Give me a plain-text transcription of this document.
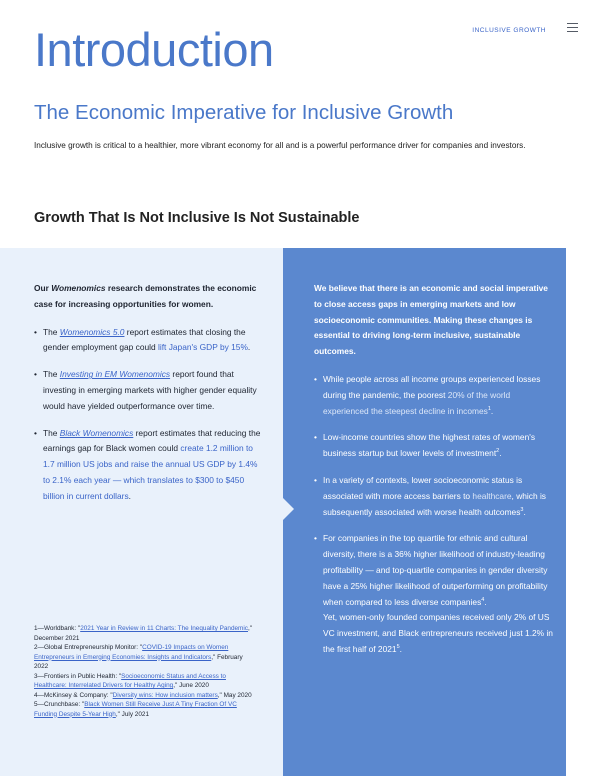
INCLUSIVE GROWTH
Introduction
The Economic Imperative for Inclusive Growth

Inclusive growth is critical to a healthier, more vibrant economy for all and is a powerful performance driver for companies and investors.

Growth That Is Not Inclusive Is Not Sustainable

Our Womenomics research demonstrates the economic case for increasing opportunities for women.

• The Womenomics 5.0 report estimates that closing the gender employment gap could lift Japan's GDP by 15%.
• The Investing in EM Womenomics report found that investing in emerging markets with higher gender equality would have yielded outperformance over time.
• The Black Womenomics report estimates that reducing the earnings gap for Black women could create 1.2 million to 1.7 million US jobs and raise the annual US GDP by 1.4% to 2.1% each year — which translates to $300 to $450 billion in current dollars.

We believe that there is an economic and social imperative to close access gaps in emerging markets and low socioeconomic communities. Making these changes is essential to driving long-term inclusive, sustainable outcomes.

• While people across all income groups experienced losses during the pandemic, the poorest 20% of the world experienced the steepest decline in incomes$^1$.
• Low-income countries show the highest rates of women's business startup but lower levels of investment$^2$.
• In a variety of contexts, lower socioeconomic status is associated with more access barriers to healthcare, which is subsequently associated with worse health outcomes$^3$.
• For companies in the top quartile for ethnic and cultural diversity, there is a 36% higher likelihood of industry-leading profitability — and top-quartile companies in gender diversity have a 25% higher likelihood of outperforming on profitability when compared to less diverse companies$^4$.
Yet, women-only founded companies received only 2% of US VC investment, and Black entrepreneurs received just 1.2% in the first half of 2021$^5$.

1—Worldbank: "2021 Year in Review in 11 Charts: The Inequality Pandemic," December 2021

2—Global Entrepreneurship Monitor: "COVID-19 Impacts on Women Entrepreneurs in Emerging Economies: Insights and Indicators," February 2022

3—Frontiers in Public Health: "Socioeconomic Status and Access to Healthcare: Interrelated Drivers for Healthy Aging," June 2020

4—McKinsey & Company: "Diversity wins: How inclusion matters," May 2020

5—Crunchbase: "Black Women Still Receive Just A Tiny Fraction Of VC Funding Despite 5-Year High," July 2021
